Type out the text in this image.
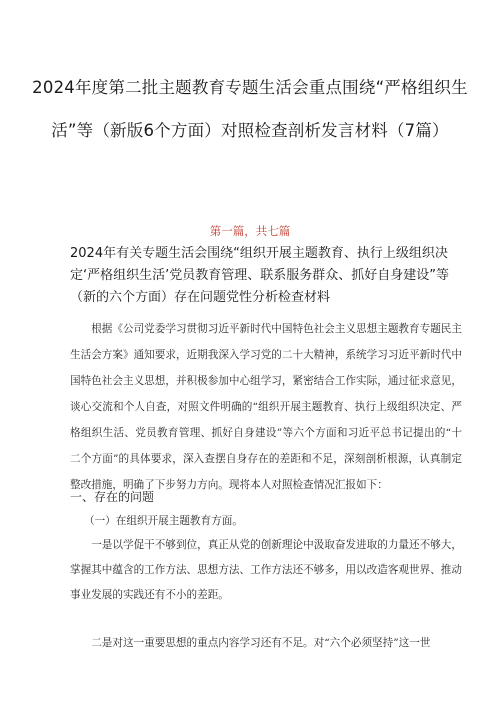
2024年度第二批主题教育专题生活会重点围绕“严格组织生活”等（新版6个方面）对照检查剖析发言材料（7篇）
第一篇，共七篇
2024年有关专题生活会围绕“组织开展主题教育、执行上级组织决定‘严格组织生活’党员教育管理、联系服务群众、抓好自身建设”等（新的六个方面）存在问题党性分析检查材料
根据《公司党委学习贯彻习近平新时代中国特色社会主义思想主题教育专题民主生活会方案》通知要求，近期我深入学习党的二十大精神，系统学习习近平新时代中国特色社会主义思想，并积极参加中心组学习，紧密结合工作实际，通过征求意见，谈心交流和个人自查，对照文件明确的“组织开展主题教育、执行上级组织决定、严格组织生活、党员教育管理、抓好自身建设”等六个方面和习近平总书记提出的“十二个方面”的具体要求，深入查摆自身存在的差距和不足，深刻剖析根源，认真制定整改措施，明确了下步努力方向。现将本人对照检查情况汇报如下：
一、存在的问题
（一）在组织开展主题教育方面。
一是以学促干不够到位，真正从党的创新理论中汲取奋发进取的力量还不够大，掌握其中蕴含的工作方法、思想方法、工作方法还不够多，用以改造客观世界、推动事业发展的实践还有不小的差距。
二是对这一重要思想的重点内容学习还有不足。对“六个必须坚持”这一世
